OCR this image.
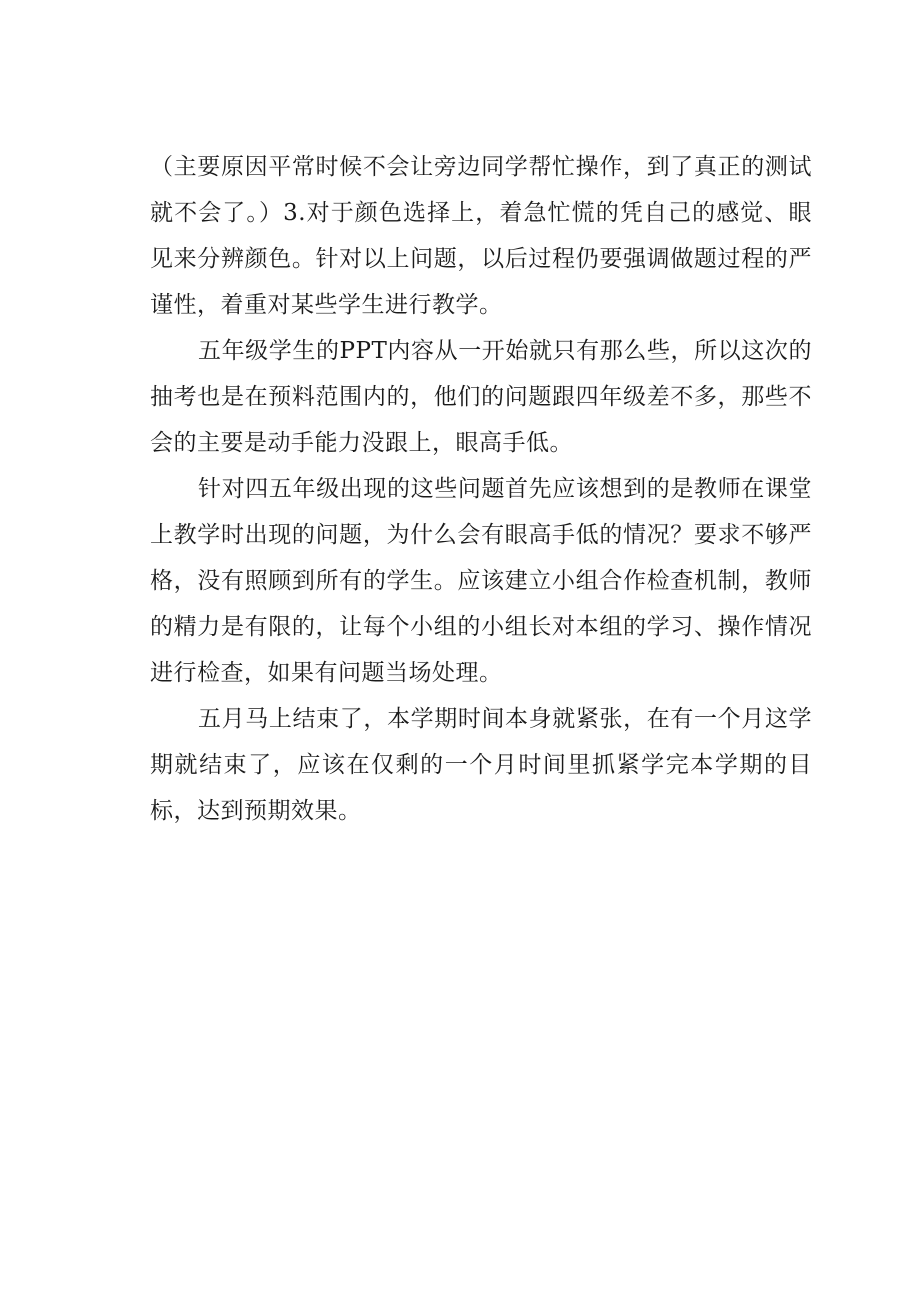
（主要原因平常时候不会让旁边同学帮忙操作，到了真正的测试就不会了。）3.对于颜色选择上，着急忙慌的凭自己的感觉、眼见来分辨颜色。针对以上问题，以后过程仍要强调做题过程的严谨性，着重对某些学生进行教学。

五年级学生的PPT内容从一开始就只有那么些，所以这次的抽考也是在预料范围内的，他们的问题跟四年级差不多，那些不会的主要是动手能力没跟上，眼高手低。

针对四五年级出现的这些问题首先应该想到的是教师在课堂上教学时出现的问题，为什么会有眼高手低的情况？要求不够严格，没有照顾到所有的学生。应该建立小组合作检查机制，教师的精力是有限的，让每个小组的小组长对本组的学习、操作情况进行检查，如果有问题当场处理。

五月马上结束了，本学期时间本身就紧张，在有一个月这学期就结束了，应该在仅剩的一个月时间里抓紧学完本学期的目标，达到预期效果。
